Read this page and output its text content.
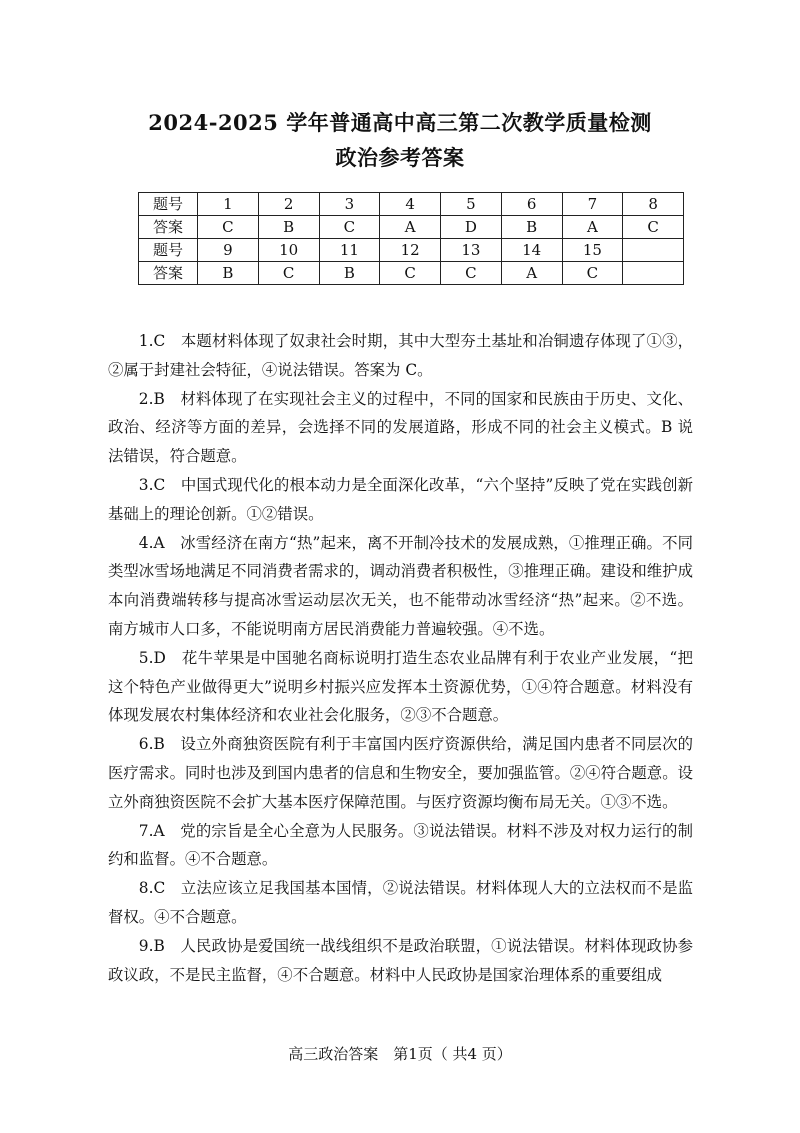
2024-2025 学年普通高中高三第二次教学质量检测
政治参考答案
题号	1	2	3	4	5	6	7	8
答案	C	B	C	A	D	B	A	C
题号	9	10	11	12	13	14	15	
答案	B	C	B	C	C	A	C	

1.C　本题材料体现了奴隶社会时期，其中大型夯土基址和冶铜遗存体现了①③，②属于封建社会特征，④说法错误。答案为 C。

2.B　材料体现了在实现社会主义的过程中，不同的国家和民族由于历史、文化、政治、经济等方面的差异，会选择不同的发展道路，形成不同的社会主义模式。B 说法错误，符合题意。

3.C　中国式现代化的根本动力是全面深化改革，“六个坚持”反映了党在实践创新基础上的理论创新。①②错误。

4.A　冰雪经济在南方“热”起来，离不开制冷技术的发展成熟，①推理正确。不同类型冰雪场地满足不同消费者需求的，调动消费者积极性，③推理正确。建设和维护成本向消费端转移与提高冰雪运动层次无关，也不能带动冰雪经济“热”起来。②不选。南方城市人口多，不能说明南方居民消费能力普遍较强。④不选。

5.D　花牛苹果是中国驰名商标说明打造生态农业品牌有利于农业产业发展，“把这个特色产业做得更大”说明乡村振兴应发挥本土资源优势，①④符合题意。材料没有体现发展农村集体经济和农业社会化服务，②③不合题意。

6.B　设立外商独资医院有利于丰富国内医疗资源供给，满足国内患者不同层次的医疗需求。同时也涉及到国内患者的信息和生物安全，要加强监管。②④符合题意。设立外商独资医院不会扩大基本医疗保障范围。与医疗资源均衡布局无关。①③不选。

7.A　党的宗旨是全心全意为人民服务。③说法错误。材料不涉及对权力运行的制约和监督。④不合题意。

8.C　立法应该立足我国基本国情，②说法错误。材料体现人大的立法权而不是监督权。④不合题意。

9.B　人民政协是爱国统一战线组织不是政治联盟，①说法错误。材料体现政协参政议政，不是民主监督，④不合题意。材料中人民政协是国家治理体系的重要组成

高三政治答案　第1页（ 共4 页）
